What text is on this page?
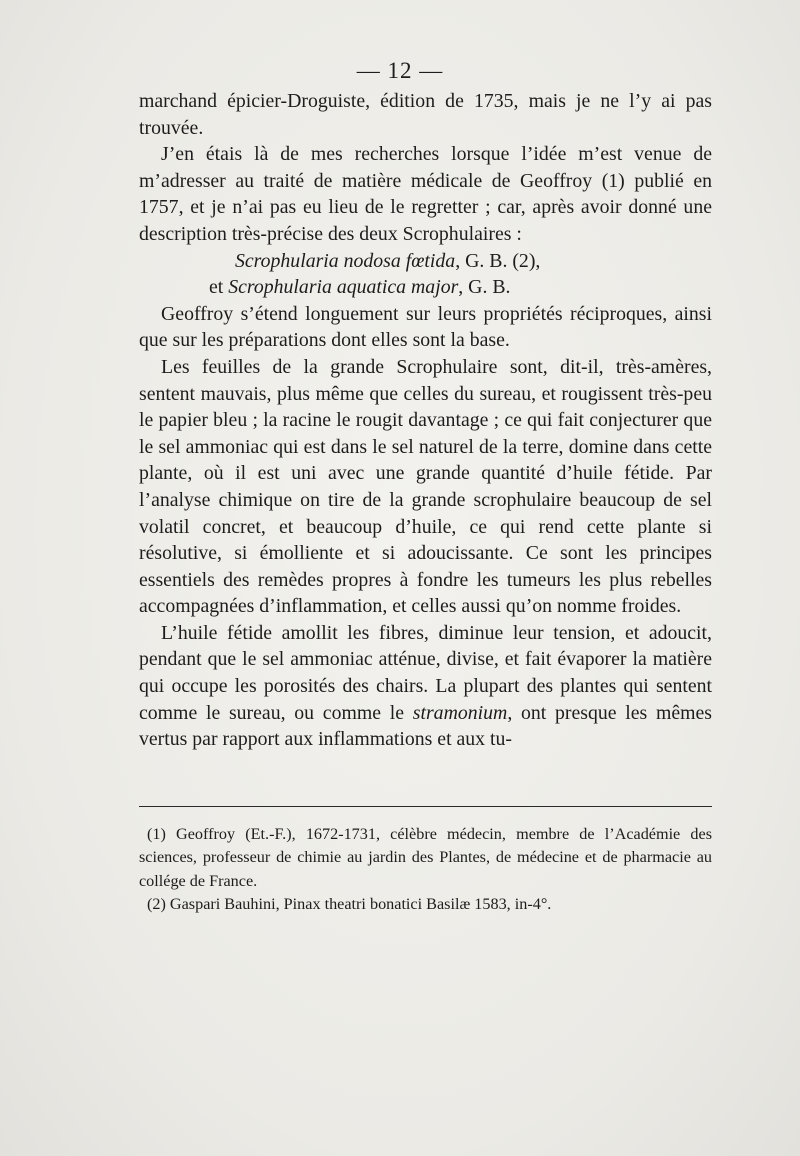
— 12 —

marchand épicier-Droguiste, édition de 1735, mais je ne l’y ai pas trouvée.

J’en étais là de mes recherches lorsque l’idée m’est venue de m’adresser au traité de matière médicale de Geoffroy (1) publié en 1757, et je n’ai pas eu lieu de le regretter ; car, après avoir donné une description très-précise des deux Scrophulaires :

Scrophularia nodosa fœtida, G. B. (2),

et Scrophularia aquatica major, G. B.

Geoffroy s’étend longuement sur leurs propriétés réciproques, ainsi que sur les préparations dont elles sont la base.

Les feuilles de la grande Scrophulaire sont, dit-il, très-amères, sentent mauvais, plus même que celles du sureau, et rougissent très-peu le papier bleu ; la racine le rougit davantage ; ce qui fait conjecturer que le sel ammoniac qui est dans le sel naturel de la terre, domine dans cette plante, où il est uni avec une grande quantité d’huile fétide. Par l’analyse chimique on tire de la grande scrophulaire beaucoup de sel volatil concret, et beaucoup d’huile, ce qui rend cette plante si résolutive, si émolliente et si adoucissante. Ce sont les principes essentiels des remèdes propres à fondre les tumeurs les plus rebelles accompagnées d’inflammation, et celles aussi qu’on nomme froides.

L’huile fétide amollit les fibres, diminue leur tension, et adoucit, pendant que le sel ammoniac atténue, divise, et fait évaporer la matière qui occupe les porosités des chairs. La plupart des plantes qui sentent comme le sureau, ou comme le stramonium, ont presque les mêmes vertus par rapport aux inflammations et aux tu-

(1) Geoffroy (Et.-F.), 1672-1731, célèbre médecin, membre de l’Académie des sciences, professeur de chimie au jardin des Plantes, de médecine et de pharmacie au collége de France.

(2) Gaspari Bauhini, Pinax theatri bonatici Basilæ 1583, in-4°.
